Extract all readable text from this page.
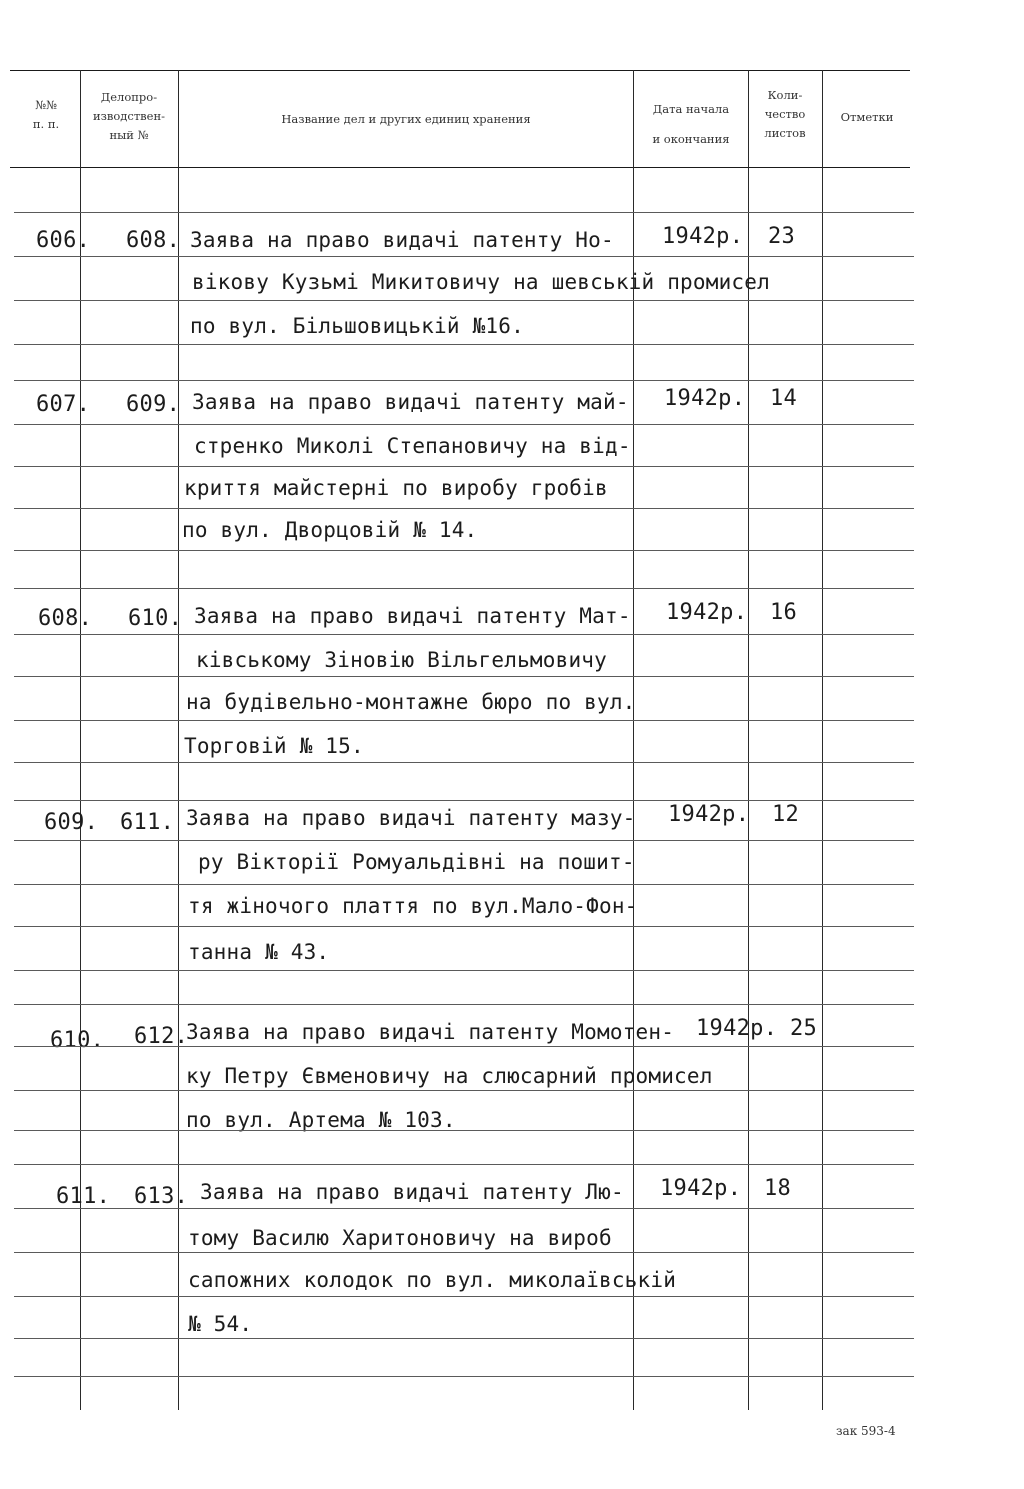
№№
п. п.
Делопро-
изводствен-
ный №
Название дел и других единиц хранения
Дата начала
и окончания
Коли-
чество
листов
Отметки
606. 608. Заява на право видачі патенту Но-
вікову Кузьмі Микитовичу на шевській промисел
по вул. Більшовицькій №16.
1942р. 23
607. 609. Заява на право видачі патенту май-
стренко Миколі Степановичу на від-
криття майстерні по виробу гробів
по вул. Дворцовій № 14.
1942р. 14
608. 610. Заява на право видачі патенту Мат-
ківському Зіновію Вільгельмовичу
на будівельно-монтажне бюро по вул.
Торговій № 15.
1942р. 16
609. 611. Заява на право видачі патенту мазу-
ру Вікторії Ромуальдівні на пошит-
тя жіночого плаття по вул.Мало-Фон-
танна № 43.
1942р. 12
610. 612.
Заява на право видачі патенту Момотен-
ку Петру Євменовичу на слюсарний промисел
по вул. Артема № 103.
1942р. 25
611. 613. Заява на право видачі патенту Лю-
тому Василю Харитоновичу на вироб
сапожних колодок по вул. миколаївській
№ 54.
1942р. 18
зак 593-4
